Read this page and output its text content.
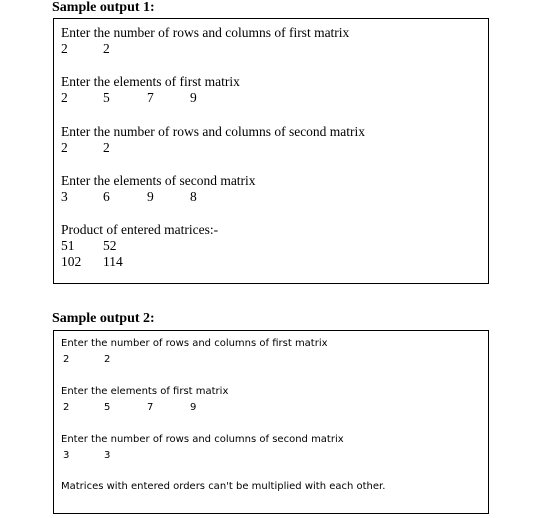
Sample output 1:

Enter the number of rows and columns of first matrix

2	2

Enter the elements of first matrix

2	5	7	9

Enter the number of rows and columns of second matrix

2	2

Enter the elements of second matrix

3	6	9	8

Product of entered matrices:-

51 52
102 114

Sample output 2:

Enter the number of rows and columns of first matrix

2	2

Enter the elements of first matrix

2	5	7	9

Enter the number of rows and columns of second matrix

3	3

Matrices with entered orders can't be multiplied with each other.
